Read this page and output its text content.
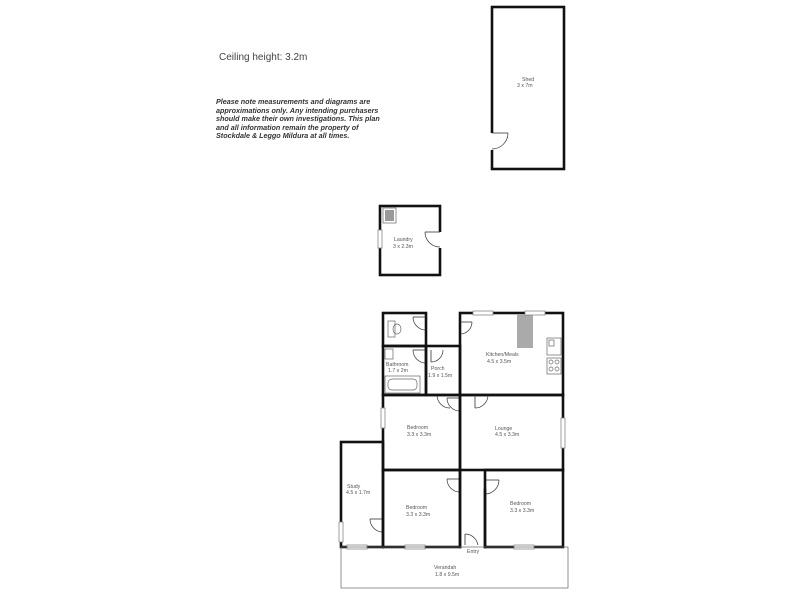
Ceiling height: 3.2m
Please note measurements and diagrams are approximations only. Any intending purchasers should make their own investigations. This plan and all information remain the property of Stockdale & Leggo Mildura at all times.
Shed
3 x 7m
Laundry
3 x 2.3m
Bathroom
1.7 x 2m	Porch
1.9 x 1.5m
Kitchen/Meals
4.5 x 3.5m
Bedroom
3.3 x 3.3m
Lounge
4.5 x 3.3m
Study
4.5 x 1.7m
Bedroom
3.3 x 3.3m
Entry
Bedroom
3.3 x 3.3m
Verandah
1.8 x 9.5m
